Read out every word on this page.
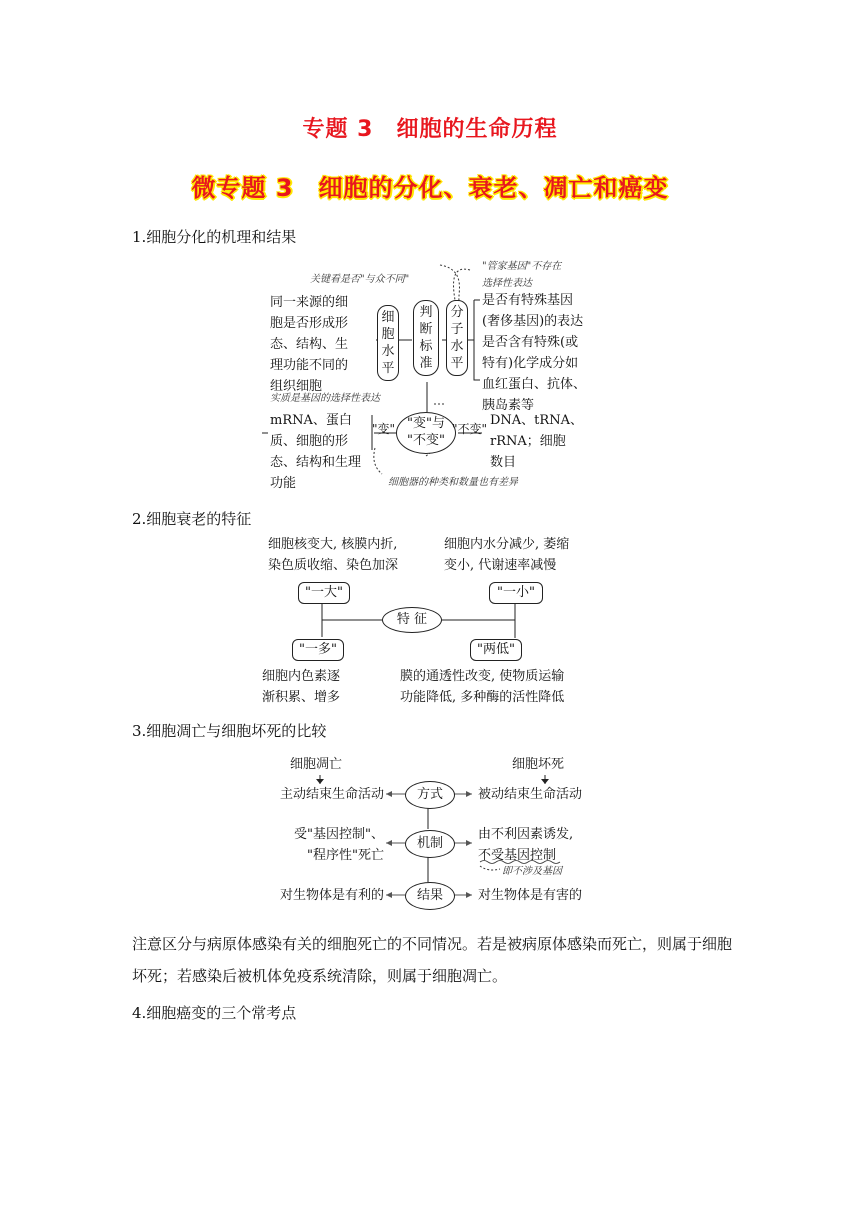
专题 3　细胞的生命历程
微专题 3　细胞的分化、衰老、凋亡和癌变
1.细胞分化的机理和结果
关键看是否"与众不同"
"管家基因"不存在
选择性表达
同一来源的细
胞是否形成形
态、结构、生
理功能不同的
组织细胞
细胞水平
判断标准
分子水平
是否有特殊基因
(奢侈基因)的表达
是否含有特殊(或
特有)化学成分如
血红蛋白、抗体、
胰岛素等
实质是基因的选择性表达
"变" "变"与
"不变"
"不变"
mRNA、蛋白
质、细胞的形
态、结构和生理
功能
DNA、tRNA、
rRNA；细胞
数目
细胞器的种类和数量也有差异
2.细胞衰老的特征
细胞核变大, 核膜内折,
染色质收缩、染色加深
细胞内水分减少, 萎缩
变小, 代谢速率减慢
"一大"	"一小"
特 征
"一多"	"两低"
细胞内色素逐
渐积累、增多
膜的通透性改变, 使物质运输
功能降低, 多种酶的活性降低
3.细胞凋亡与细胞坏死的比较
细胞凋亡	细胞坏死
主动结束生命活动	方式	被动结束生命活动
受"基因控制"、
"程序性"死亡
机制
由不利因素诱发,
不受基因控制
即不涉及基因
对生物体是有利的	结果	对生物体是有害的
注意区分与病原体感染有关的细胞死亡的不同情况。若是被病原体感染而死亡，则属于细胞坏死；若感染后被机体免疫系统清除，则属于细胞凋亡。
4.细胞癌变的三个常考点
